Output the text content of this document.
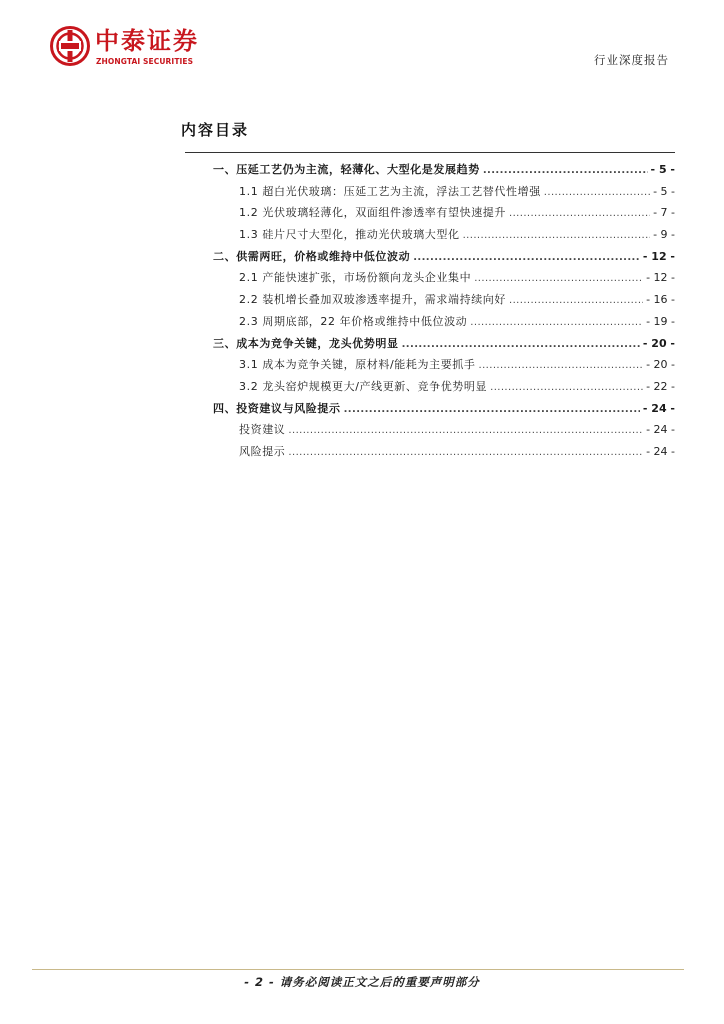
中泰证券
ZHONGTAI SECURITIES	行业深度报告
内容目录
一、压延工艺仍为主流，轻薄化、大型化是发展趋势 .....	- 5 -
1.1 超白光伏玻璃：压延工艺为主流，浮法工艺替代性增强 .....	- 5 -
1.2 光伏玻璃轻薄化，双面组件渗透率有望快速提升 .....	- 7 -
1.3 硅片尺寸大型化，推动光伏玻璃大型化 .....	- 9 -
二、供需两旺，价格或维持中低位波动 .....	- 12 -
2.1 产能快速扩张，市场份额向龙头企业集中 .....	- 12 -
2.2 装机增长叠加双玻渗透率提升，需求端持续向好 .....	- 16 -
2.3 周期底部，22 年价格或维持中低位波动 .....	- 19 -
三、成本为竞争关键，龙头优势明显 .....	- 20 -
3.1 成本为竞争关键，原材料/能耗为主要抓手 .....	- 20 -
3.2 龙头窑炉规模更大/产线更新、竞争优势明显 .....	- 22 -
四、投资建议与风险提示 .....	- 24 -
投资建议 .....	- 24 -
风险提示 .....	- 24 -
- 2 - 请务必阅读正文之后的重要声明部分
